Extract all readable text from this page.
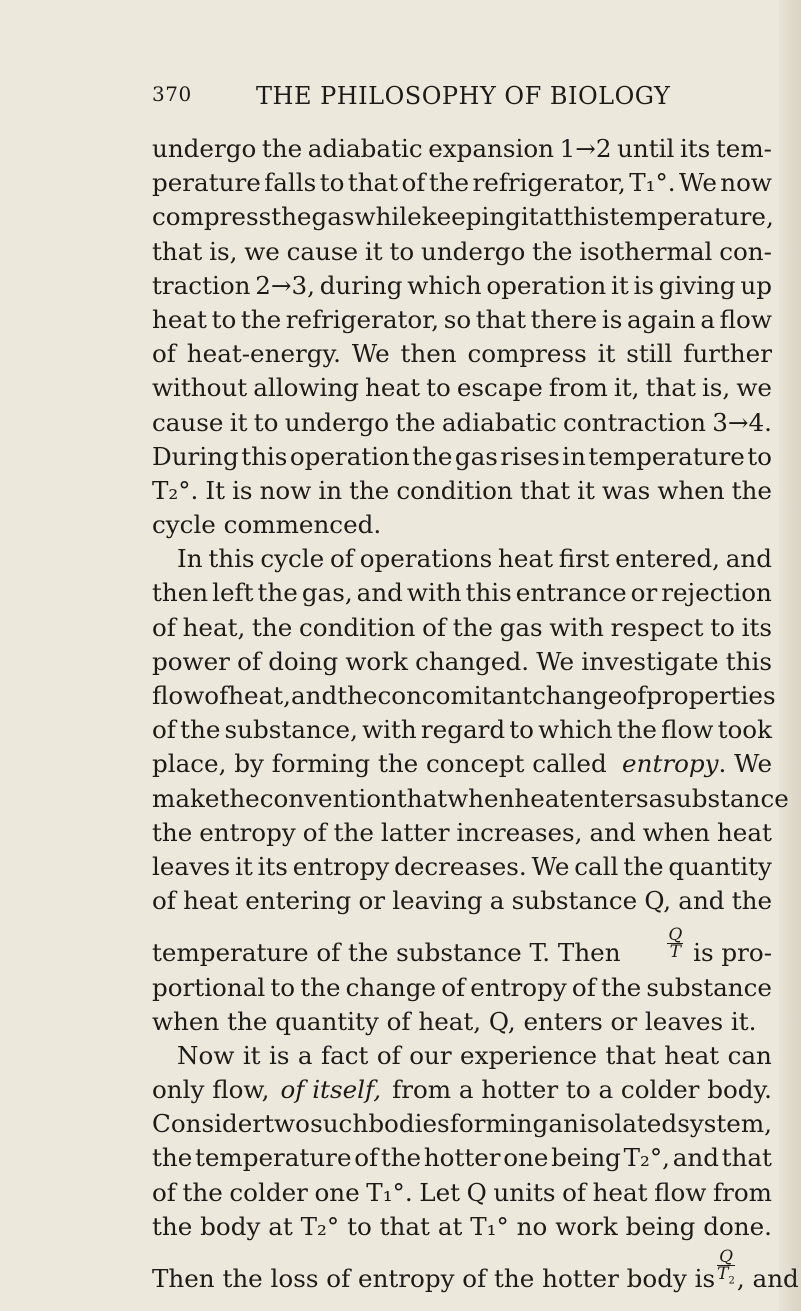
370	THE PHILOSOPHY OF BIOLOGY
undergo the adiabatic expansion 1→2 until its tem-
perature falls to that of the refrigerator, T₁°. We now
compress the gas while keeping it at this temperature,
that is, we cause it to undergo the isothermal con-
traction 2→3, during which operation it is giving up
heat to the refrigerator, so that there is again a flow
of heat-energy. We then compress it still further
without allowing heat to escape from it, that is, we
cause it to undergo the adiabatic contraction 3→4.
During this operation the gas rises in temperature to
T₂°. It is now in the condition that it was when the
cycle commenced.
In this cycle of operations heat first entered, and
then left the gas, and with this entrance or rejection
of heat, the condition of the gas with respect to its
power of doing work changed. We investigate this
flow of heat, and the concomitant change of properties
of the substance, with regard to which the flow took
place, by forming the concept called entropy . We
make the convention that when heat enters a substance
the entropy of the latter increases, and when heat
leaves it its entropy decreases. We call the quantity
of heat entering or leaving a substance Q, and the
temperature of the substance T. Then	$\frac{Q}{T}$ is pro-
portional to the change of entropy of the substance
when the quantity of heat, Q, enters or leaves it.
Now it is a fact of our experience that heat can
only flow, of itself, from a hotter to a colder body.
Consider two such bodies forming an isolated system,
the temperature of the hotter one being T₂°, and that
of the colder one T₁°. Let Q units of heat flow from
the body at T₂° to that at T₁° no work being done.
Then the loss of entropy of the hotter body is $\frac{Q}{T_2}$ , and
